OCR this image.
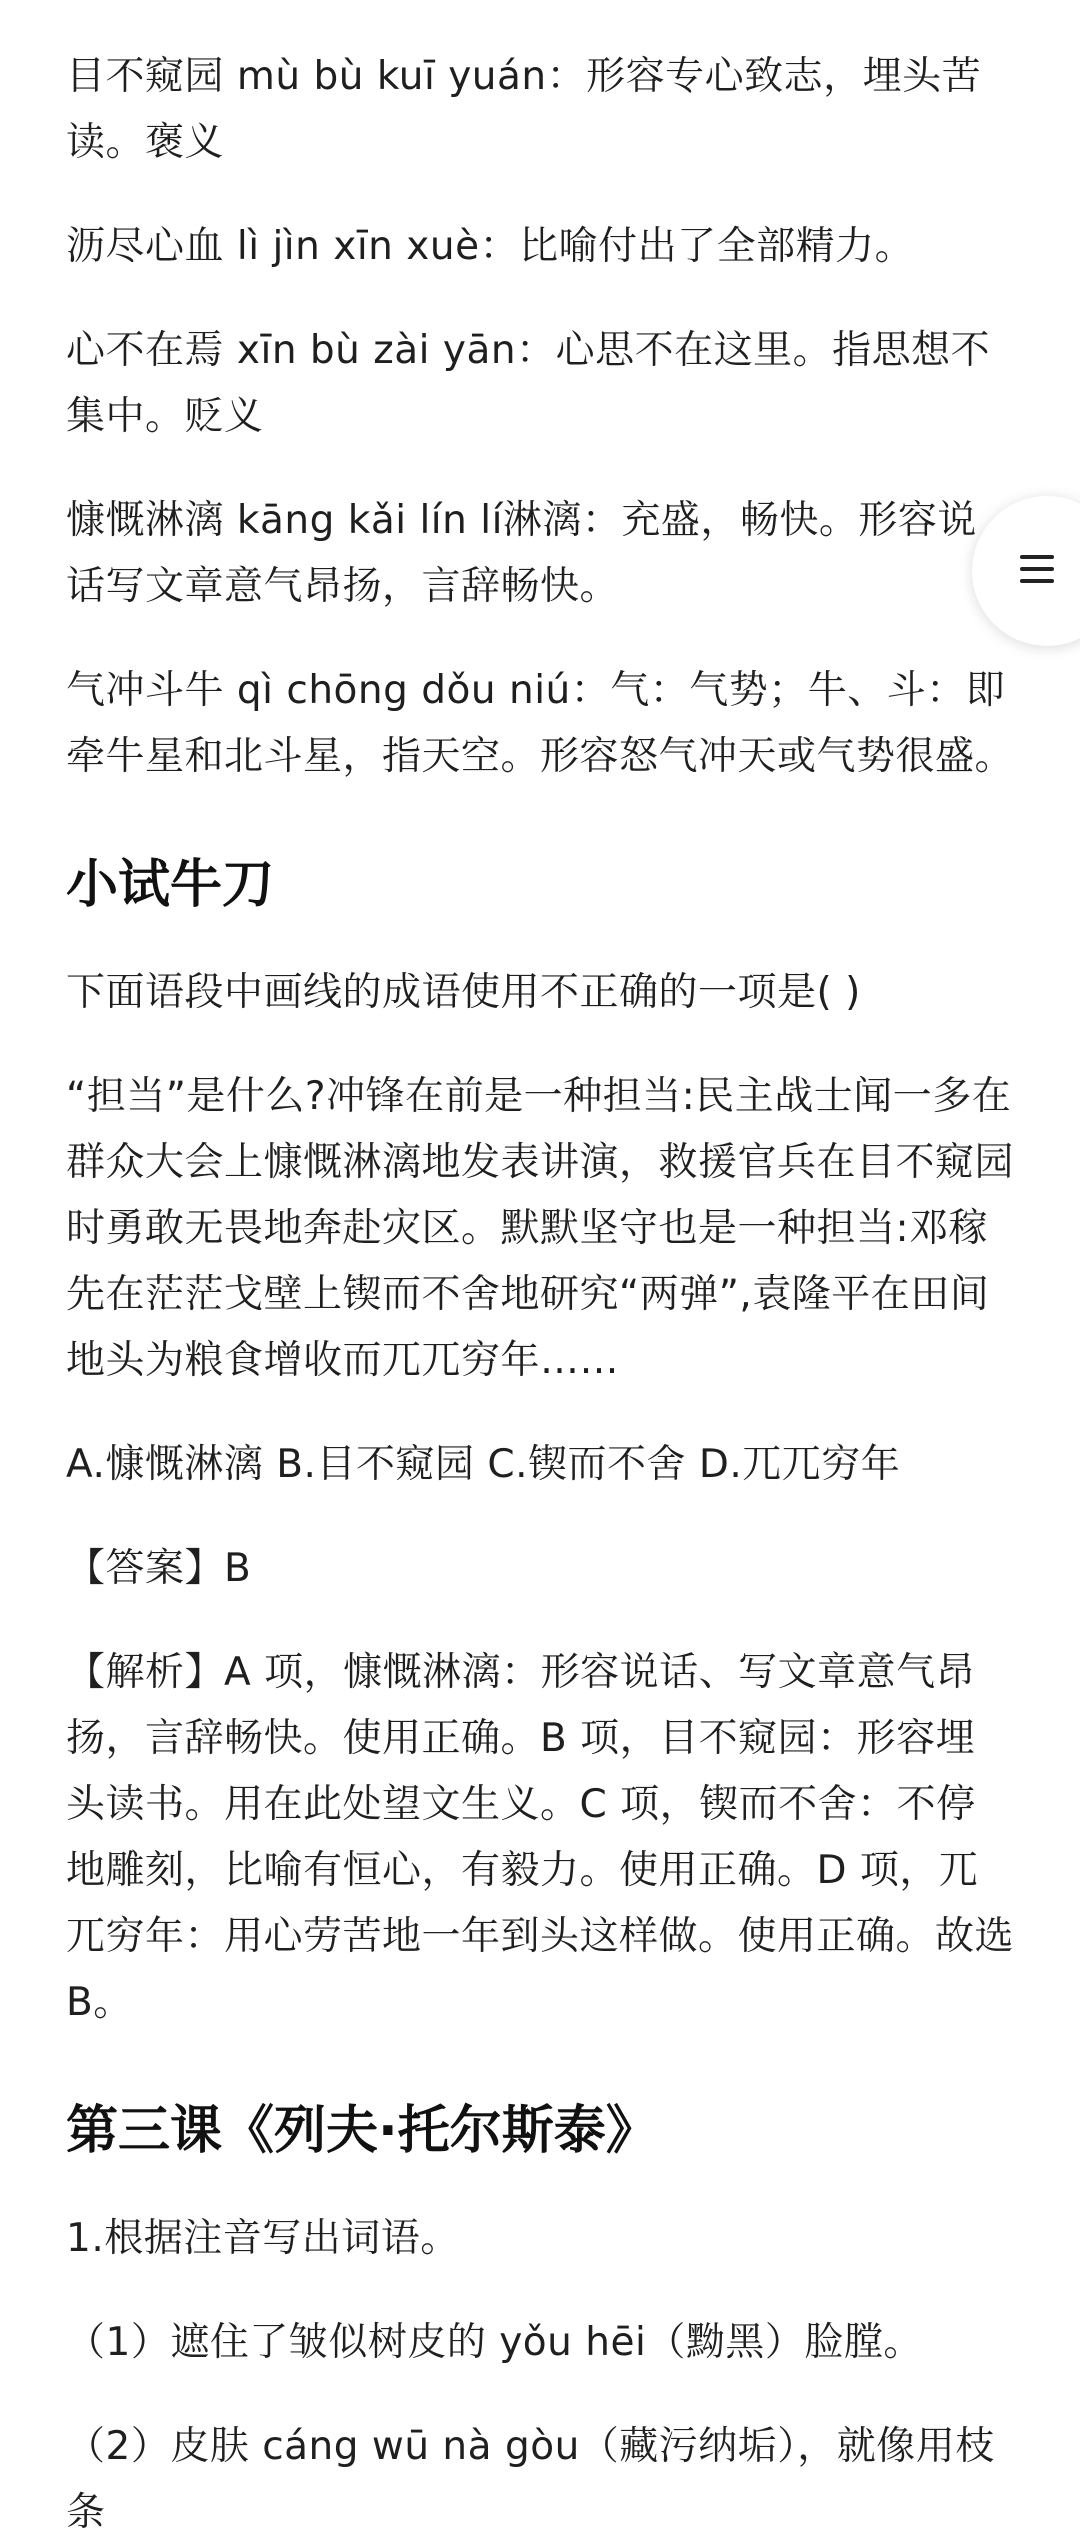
目不窥园 mù bù kuī yuán：形容专心致志，埋头苦读。褒义

沥尽心血 lì jìn xīn xuè：比喻付出了全部精力。

心不在焉 xīn bù zài yān：心思不在这里。指思想不集中。贬义

慷慨淋漓 kāng kǎi lín lí淋漓：充盛，畅快。形容说话写文章意气昂扬，言辞畅快。

气冲斗牛 qì chōng dǒu niú：气：气势；牛、斗：即牵牛星和北斗星，指天空。形容怒气冲天或气势很盛。

小试牛刀

下面语段中画线的成语使用不正确的一项是( )

“担当”是什么?冲锋在前是一种担当:民主战士闻一多在群众大会上慷慨淋漓地发表讲演，救援官兵在目不窥园时勇敢无畏地奔赴灾区。默默坚守也是一种担当:邓稼先在茫茫戈壁上锲而不舍地研究“两弹”,袁隆平在田间地头为粮食增收而兀兀穷年……

A.慷慨淋漓 B.目不窥园 C.锲而不舍 D.兀兀穷年

【答案】B

【解析】A 项，慷慨淋漓：形容说话、写文章意气昂扬，言辞畅快。使用正确。B 项，目不窥园：形容埋头读书。用在此处望文生义。C 项，锲而不舍：不停地雕刻，比喻有恒心，有毅力。使用正确。D 项，兀兀穷年：用心劳苦地一年到头这样做。使用正确。故选 B。

第三课《列夫·托尔斯泰》

1.根据注音写出词语。

（1）遮住了皱似树皮的 yǒu hēi（黝黑）脸膛。

（2）皮肤 cáng wū nà gòu（藏污纳垢），就像用枝条
